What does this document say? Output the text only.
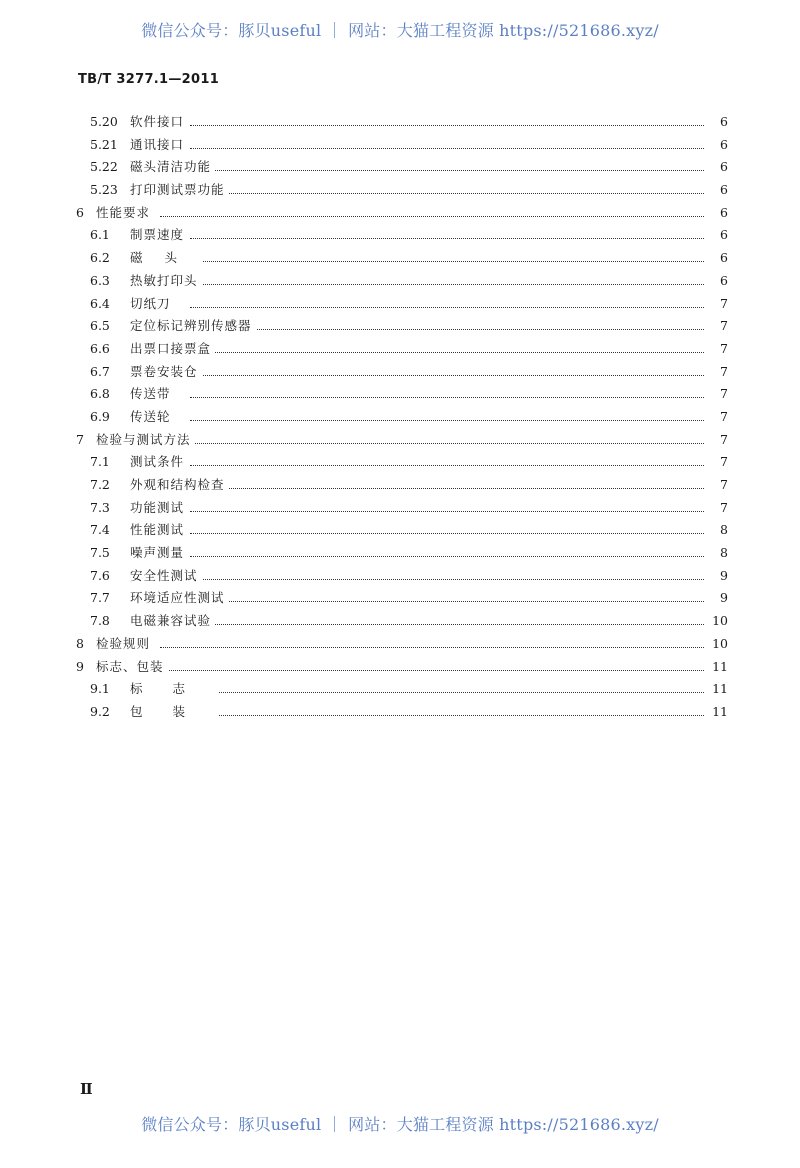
微信公众号：豚贝useful ｜ 网站：大猫工程资源 https://521686.xyz/
TB/T 3277.1—2011
5.20 软件接口	6
5.21 通讯接口	6
5.22 磁头清洁功能	6
5.23 打印测试票功能	6
6 性能要求	6
6.1 制票速度	6
6.2 磁头	6
6.3 热敏打印头	6
6.4 切纸刀	7
6.5 定位标记辨别传感器	7
6.6 出票口接票盒	7
6.7 票卷安装仓	7
6.8 传送带	7
6.9 传送轮	7
7 检验与测试方法	7
7.1 测试条件	7
7.2 外观和结构检查	7
7.3 功能测试	7
7.4 性能测试	8
7.5 噪声测量	8
7.6 安全性测试	9
7.7 环境适应性测试	9
7.8 电磁兼容试验	10
8 检验规则	10
9 标志、包装	11
9.1 标志	11
9.2 包装	11
Ⅱ
微信公众号：豚贝useful ｜ 网站：大猫工程资源 https://521686.xyz/
